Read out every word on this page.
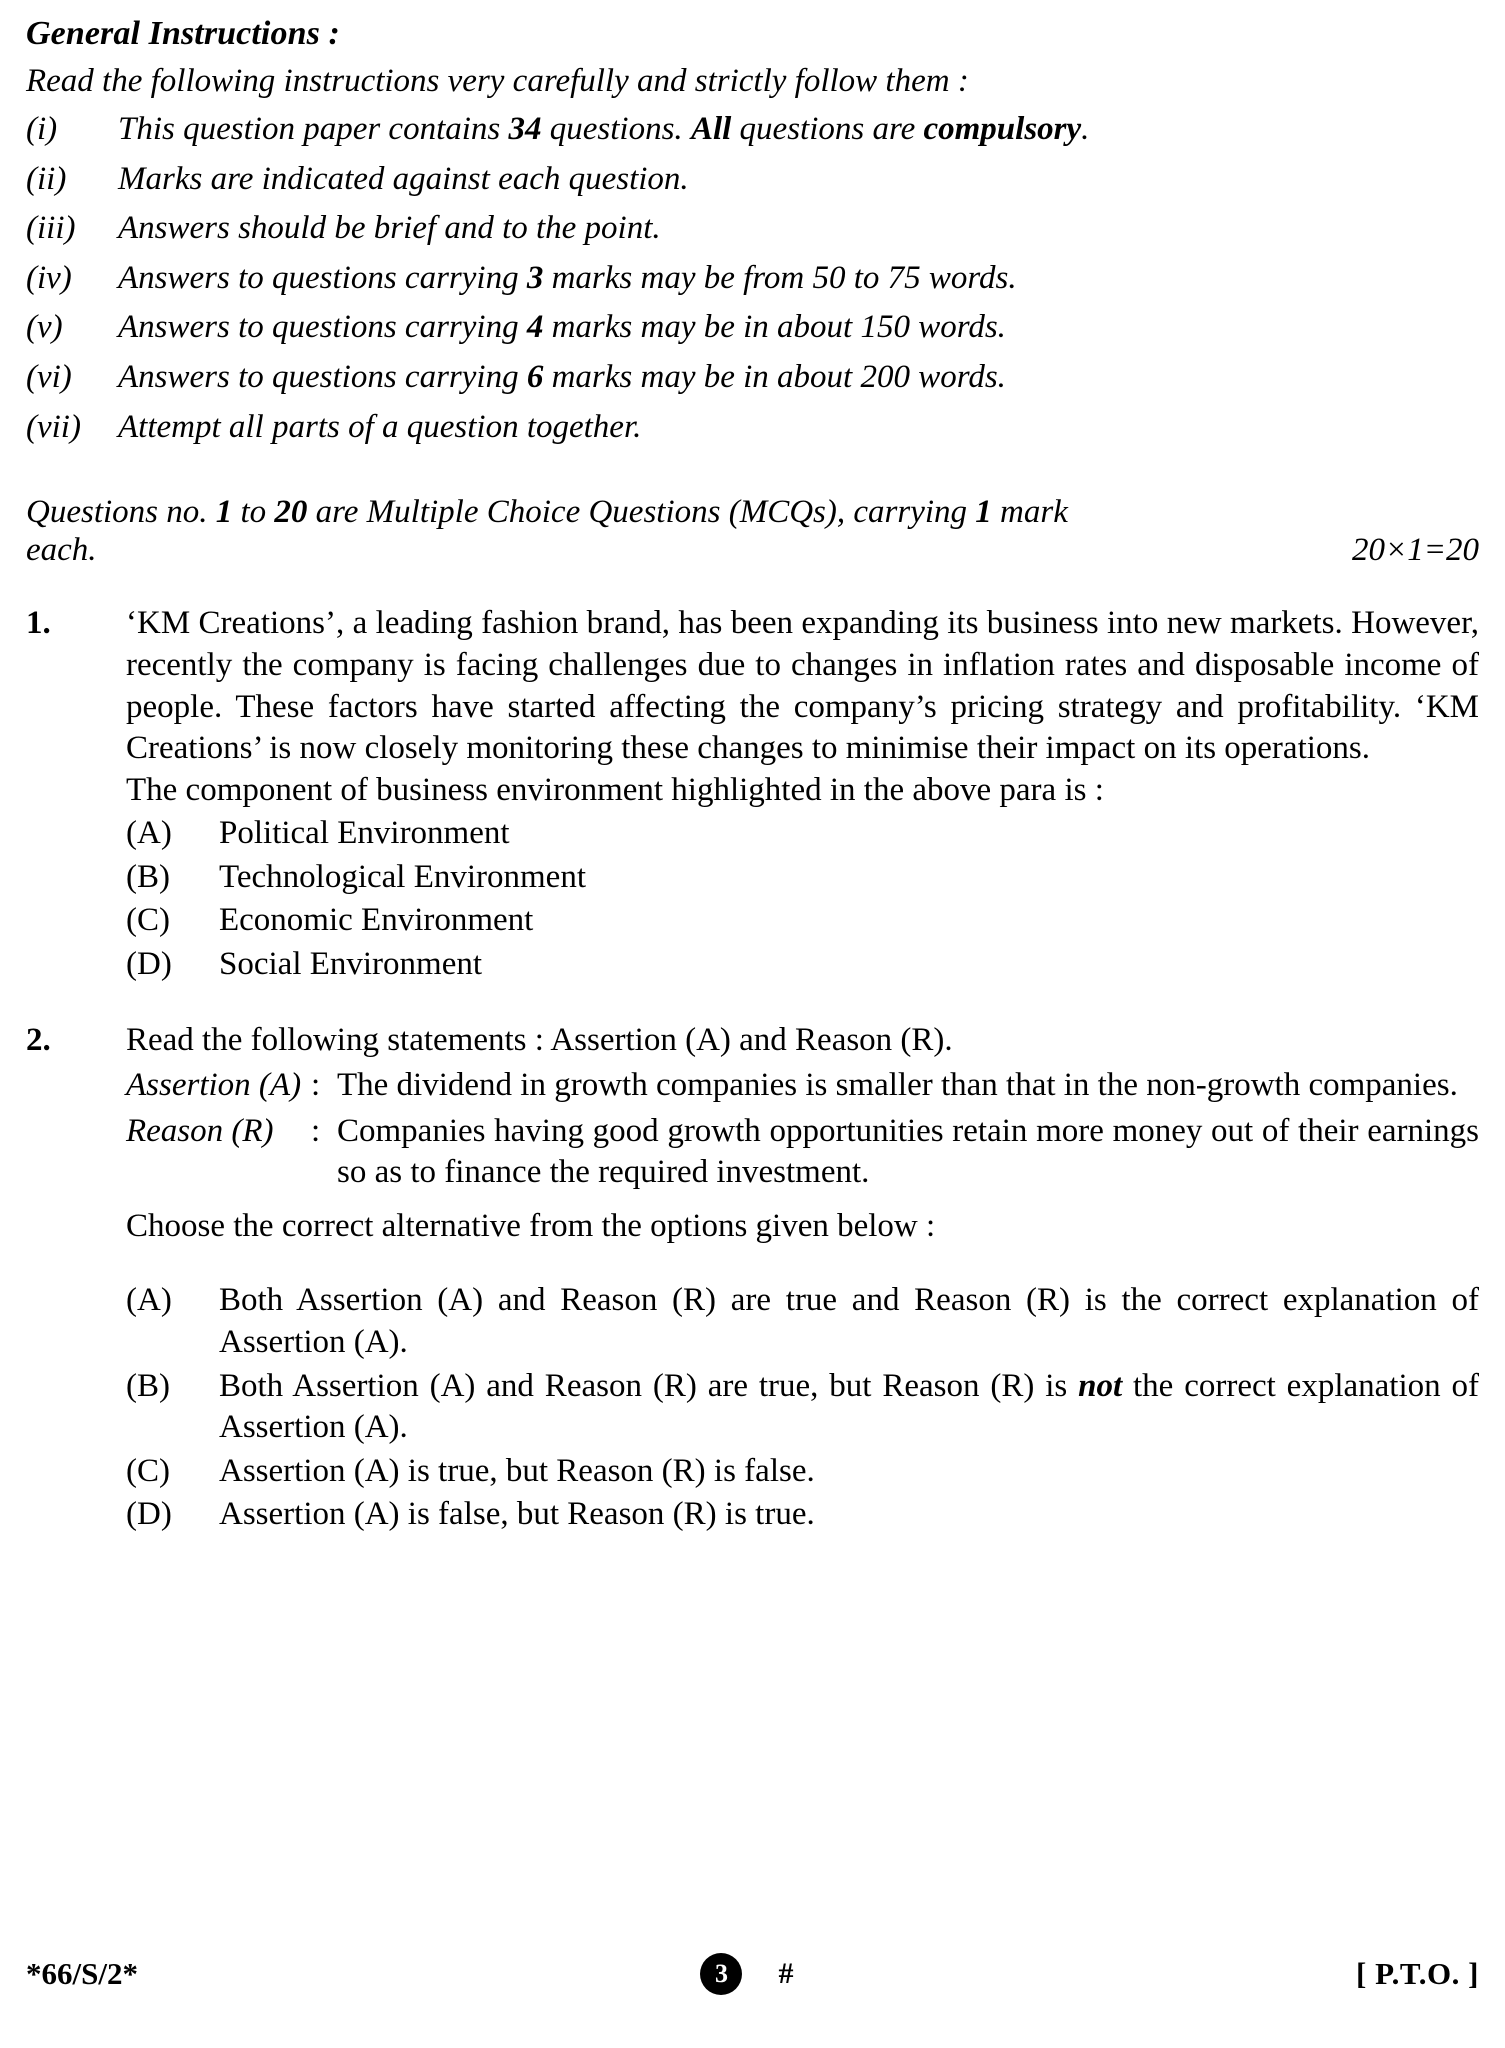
General Instructions :
Read the following instructions very carefully and strictly follow them :
(i)	This question paper contains 34 questions. All questions are compulsory.
(ii)	Marks are indicated against each question.
(iii)	Answers should be brief and to the point.
(iv)	Answers to questions carrying 3 marks may be from 50 to 75 words.
(v)	Answers to questions carrying 4 marks may be in about 150 words.
(vi)	Answers to questions carrying 6 marks may be in about 200 words.
(vii)	Attempt all parts of a question together.
Questions no. 1 to 20 are Multiple Choice Questions (MCQs), carrying 1 mark
each.	20×1=20
1.	‘KM Creations’, a leading fashion brand, has been expanding its business into new markets. However, recently the company is facing challenges due to changes in inflation rates and disposable income of people. These factors have started affecting the company’s pricing strategy and profitability. ‘KM Creations’ is now closely monitoring these changes to minimise their impact on its operations.

The component of business environment highlighted in the above para is :

(A)	Political Environment
(B)	Technological Environment
(C)	Economic Environment
(D)	Social Environment
2.	Read the following statements : Assertion (A) and Reason (R).

Assertion (A) : The dividend in growth companies is smaller than that in the non-growth companies.
Reason (R)	: Companies having good growth opportunities retain more money out of their earnings so as to finance the required investment.

Choose the correct alternative from the options given below :

(A)	Both Assertion (A) and Reason (R) are true and Reason (R) is the correct explanation of Assertion (A).
(B)	Both Assertion (A) and Reason (R) are true, but Reason (R) is not the correct explanation of Assertion (A).
(C)	Assertion (A) is true, but Reason (R) is false.
(D)	Assertion (A) is false, but Reason (R) is true.
*66/S/2*	3	#	[ P.T.O. ]
